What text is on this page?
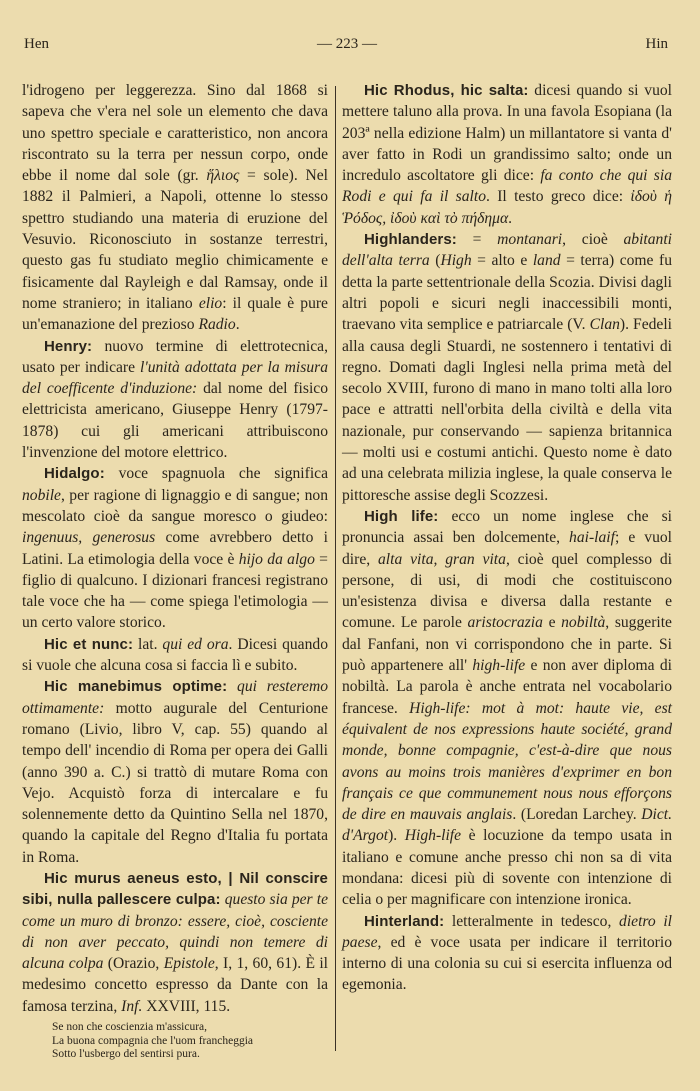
Hen	— 223 —	Hin

l'idrogeno per leggerezza. Sino dal 1868 si sapeva che v'era nel sole un elemento che dava uno spettro speciale e caratteristico, non ancora riscontrato su la terra per nessun corpo, onde ebbe il nome dal sole (gr. ἥλιος = sole). Nel 1882 il Palmieri, a Napoli, ottenne lo stesso spettro studiando una materia di eruzione del Vesuvio. Riconosciuto in sostanze terrestri, questo gas fu studiato meglio chimicamente e fisicamente dal Rayleigh e dal Ramsay, onde il nome straniero; in italiano elio: il quale è pure un'emanazione del prezioso Radio.

Henry: nuovo termine di elettrotecnica, usato per indicare l'unità adottata per la misura del coefficente d'induzione: dal nome del fisico elettricista americano, Giuseppe Henry (1797-1878) cui gli americani attribuiscono l'invenzione del motore elettrico.

Hidalgo: voce spagnuola che significa nobile, per ragione di lignaggio e di sangue; non mescolato cioè da sangue moresco o giudeo: ingenuus, generosus come avrebbero detto i Latini. La etimologia della voce è hijo da algo = figlio di qualcuno. I dizionari francesi registrano tale voce che ha — come spiega l'etimologia — un certo valore storico.

Hic et nunc: lat. qui ed ora. Dicesi quando si vuole che alcuna cosa si faccia lì e subito.

Hic manebimus optime: qui resteremo ottimamente: motto augurale del Centurione romano (Livio, libro V, cap. 55) quando al tempo dell' incendio di Roma per opera dei Galli (anno 390 a. C.) si trattò di mutare Roma con Vejo. Acquistò forza di intercalare e fu solennemente detto da Quintino Sella nel 1870, quando la capitale del Regno d'Italia fu portata in Roma.

Hic murus aeneus esto, | Nil conscire sibi, nulla pallescere culpa: questo sia per te come un muro di bronzo: essere, cioè, cosciente di non aver peccato, quindi non temere di alcuna colpa (Orazio, Epistole, I, 1, 60, 61). È il medesimo concetto espresso da Dante con la famosa terzina, Inf. XXVIII, 115.

Se non che coscienzia m'assicura,
La buona compagnia che l'uom francheggia
Sotto l'usbergo del sentirsi pura.

Hic Rhodus, hic salta: dicesi quando si vuol mettere taluno alla prova. In una favola Esopiana (la 203ª nella edizione Halm) un millantatore si vanta d' aver fatto in Rodi un grandissimo salto; onde un incredulo ascoltatore gli dice: fa conto che qui sia Rodi e qui fa il salto. Il testo greco dice: ἰδοὺ ἡ Ῥόδος, ἰδοὺ καὶ τὸ πήδημα.

Highlanders: = montanari, cioè abitanti dell'alta terra (High = alto e land = terra) come fu detta la parte settentrionale della Scozia. Divisi dagli altri popoli e sicuri negli inaccessibili monti, traevano vita semplice e patriarcale (V. Clan). Fedeli alla causa degli Stuardi, ne sostennero i tentativi di regno. Domati dagli Inglesi nella prima metà del secolo XVIII, furono di mano in mano tolti alla loro pace e attratti nell'orbita della civiltà e della vita nazionale, pur conservando — sapienza britannica — molti usi e costumi antichi. Questo nome è dato ad una celebrata milizia inglese, la quale conserva le pittoresche assise degli Scozzesi.

High life: ecco un nome inglese che si pronuncia assai ben dolcemente, hai-laif; e vuol dire, alta vita, gran vita, cioè quel complesso di persone, di usi, di modi che costituiscono un'esistenza divisa e diversa dalla restante e comune. Le parole aristocrazia e nobiltà, suggerite dal Fanfani, non vi corrispondono che in parte. Si può appartenere all' high-life e non aver diploma di nobiltà. La parola è anche entrata nel vocabolario francese. High-life: mot à mot: haute vie, est équivalent de nos expressions haute société, grand monde, bonne compagnie, c'est-à-dire que nous avons au moins trois manières d'exprimer en bon français ce que communement nous nous efforçons de dire en mauvais anglais. (Loredan Larchey. Dict. d'Argot). High-life è locuzione da tempo usata in italiano e comune anche presso chi non sa di vita mondana: dicesi più di sovente con intenzione di celia o per magnificare con intenzione ironica.

Hinterland: letteralmente in tedesco, dietro il paese, ed è voce usata per indicare il territorio interno di una colonia su cui si esercita influenza od egemonia.
